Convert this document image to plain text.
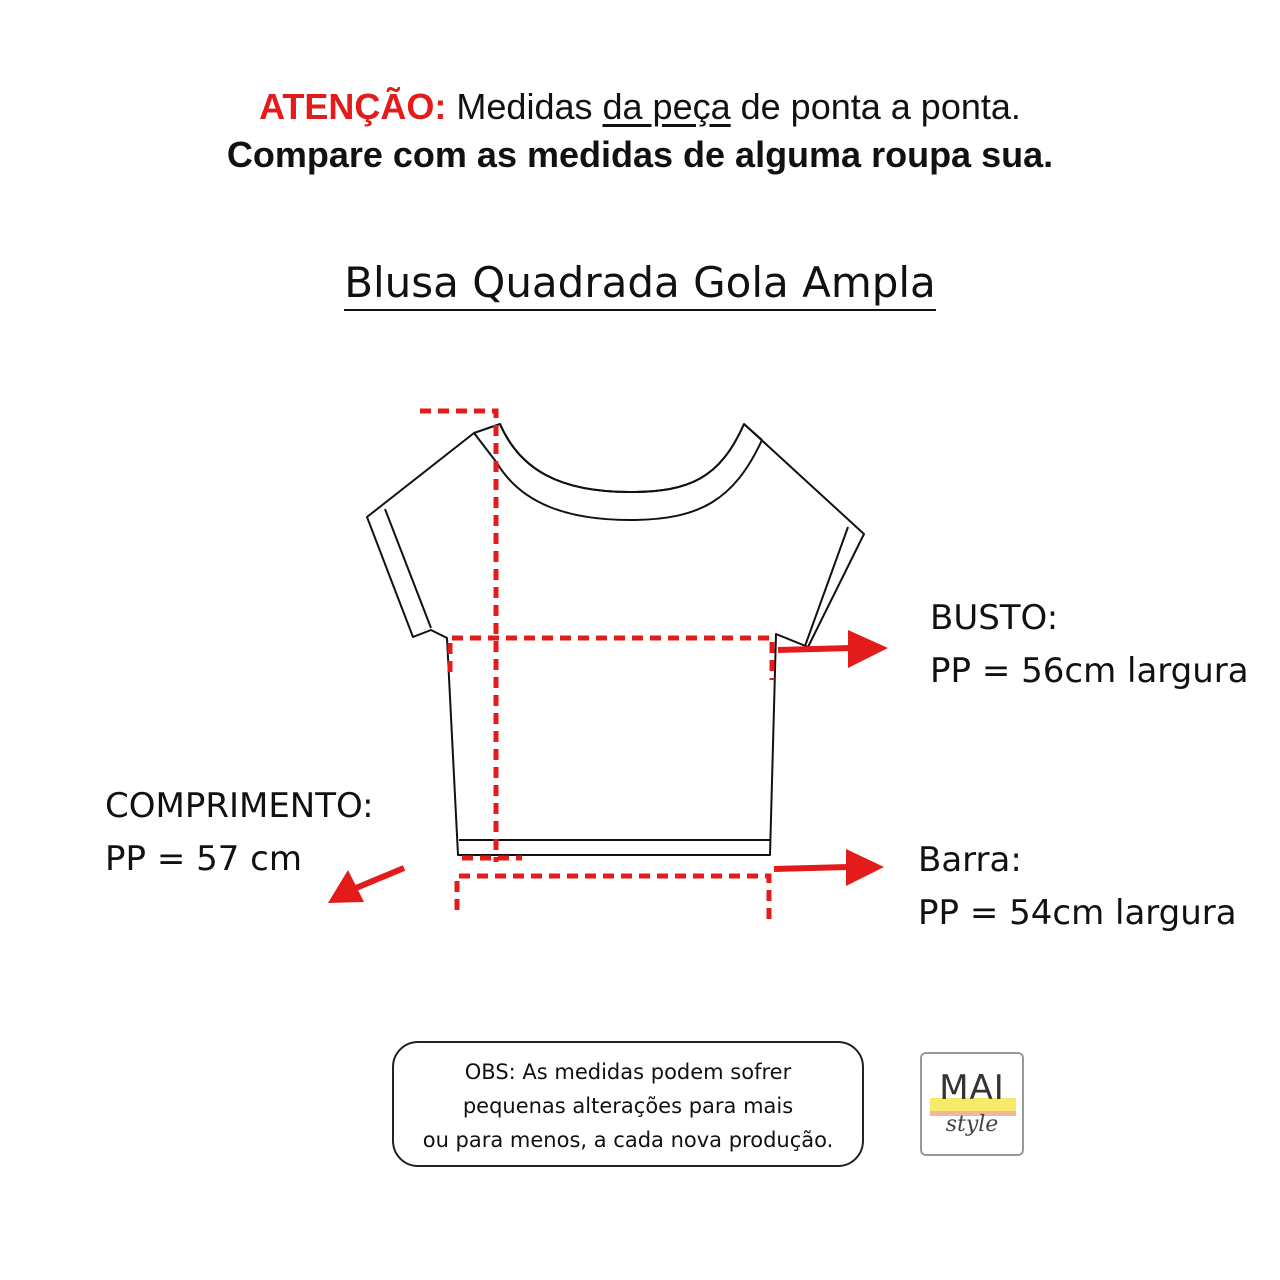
ATENÇÃO: Medidas da peça de ponta a ponta.
Compare com as medidas de alguma roupa sua.
Blusa Quadrada Gola Ampla
BUSTO:
PP = 56cm largura
COMPRIMENTO:
PP = 57 cm	Barra:
PP = 54cm largura
OBS: As medidas podem sofrer
pequenas alterações para mais
ou para menos, a cada nova produção.
MAI
style
